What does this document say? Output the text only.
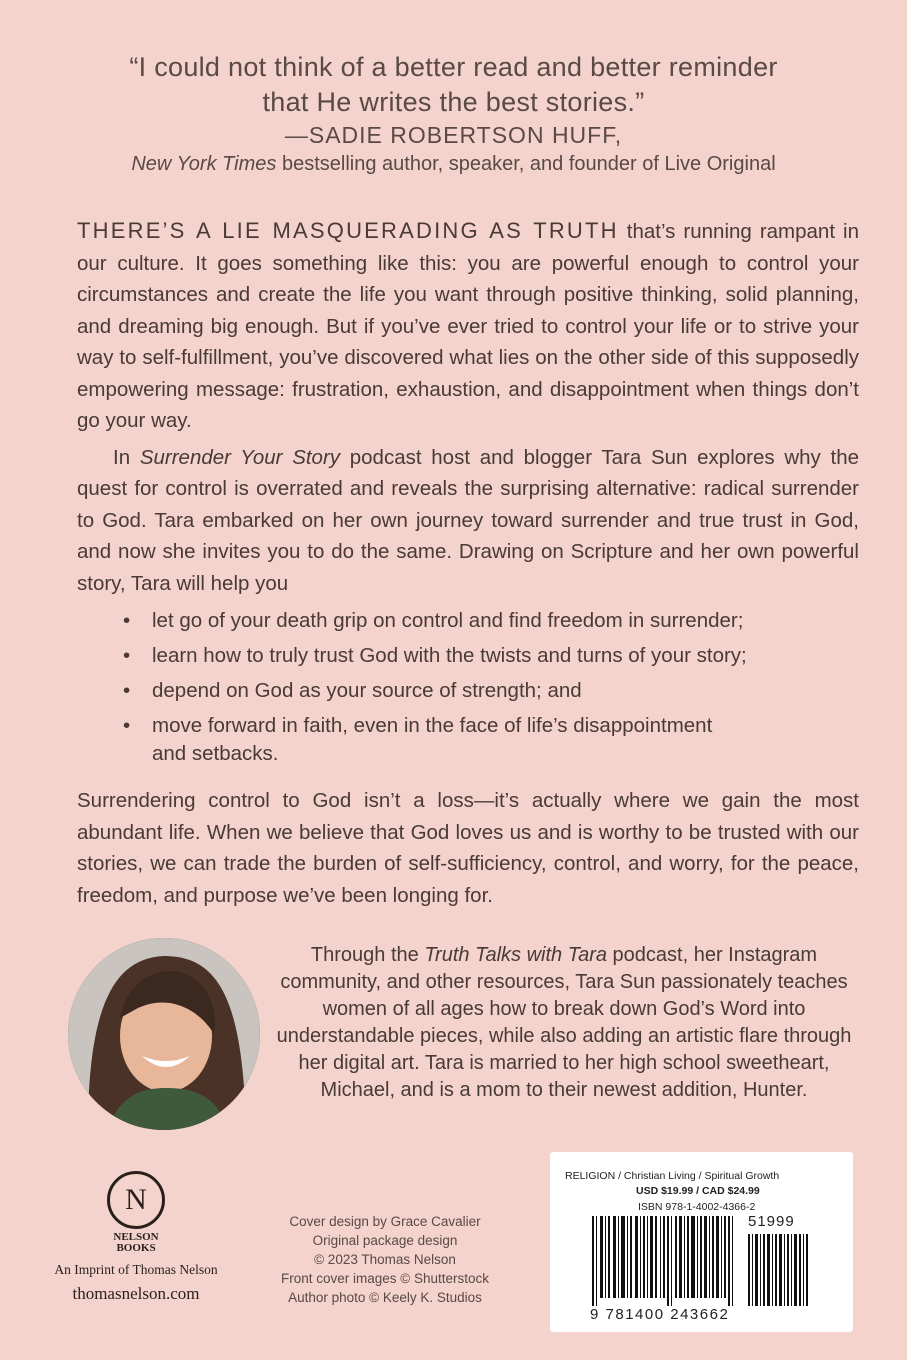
“I could not think of a better read and better reminder
that He writes the best stories.”
—SADIE ROBERTSON HUFF,
New York Times bestselling author, speaker, and founder of Live Original

THERE’S A LIE MASQUERADING AS TRUTH that’s running rampant in our culture. It goes something like this: you are powerful enough to control your circumstances and create the life you want through positive thinking, solid planning, and dreaming big enough. But if you’ve ever tried to control your life or to strive your way to self-fulfillment, you’ve discovered what lies on the other side of this supposedly empowering message: frustration, exhaustion, and disappointment when things don’t go your way.

In Surrender Your Story podcast host and blogger Tara Sun explores why the quest for control is overrated and reveals the surprising alternative: radical surrender to God. Tara embarked on her own journey toward surrender and true trust in God, and now she invites you to do the same. Drawing on Scripture and her own powerful story, Tara will help you

• let go of your death grip on control and find freedom in surrender;
• learn how to truly trust God with the twists and turns of your story;
• depend on God as your source of strength; and
• move forward in faith, even in the face of life’s disappointment and setbacks.
Surrendering control to God isn’t a loss—it’s actually where we gain the most abundant life. When we believe that God loves us and is worthy to be trusted with our stories, we can trade the burden of self-sufficiency, control, and worry, for the peace, freedom, and purpose we’ve been longing for.
Through the Truth Talks with Tara podcast, her Instagram community, and other resources, Tara Sun passionately teaches women of all ages how to break down God’s Word into understandable pieces, while also adding an artistic flare through her digital art. Tara is married to her high school sweetheart, Michael, and is a mom to their newest addition, Hunter.
N
NELSON
BOOKS
An Imprint of Thomas Nelson
thomasnelson.com
Cover design by Grace Cavalier
Original package design
© 2023 Thomas Nelson
Front cover images © Shutterstock
Author photo © Keely K. Studios
RELIGION / Christian Living / Spiritual Growth
USD $19.99 / CAD $24.99
ISBN 978-1-4002-4366-2
51999
9 781400 243662
